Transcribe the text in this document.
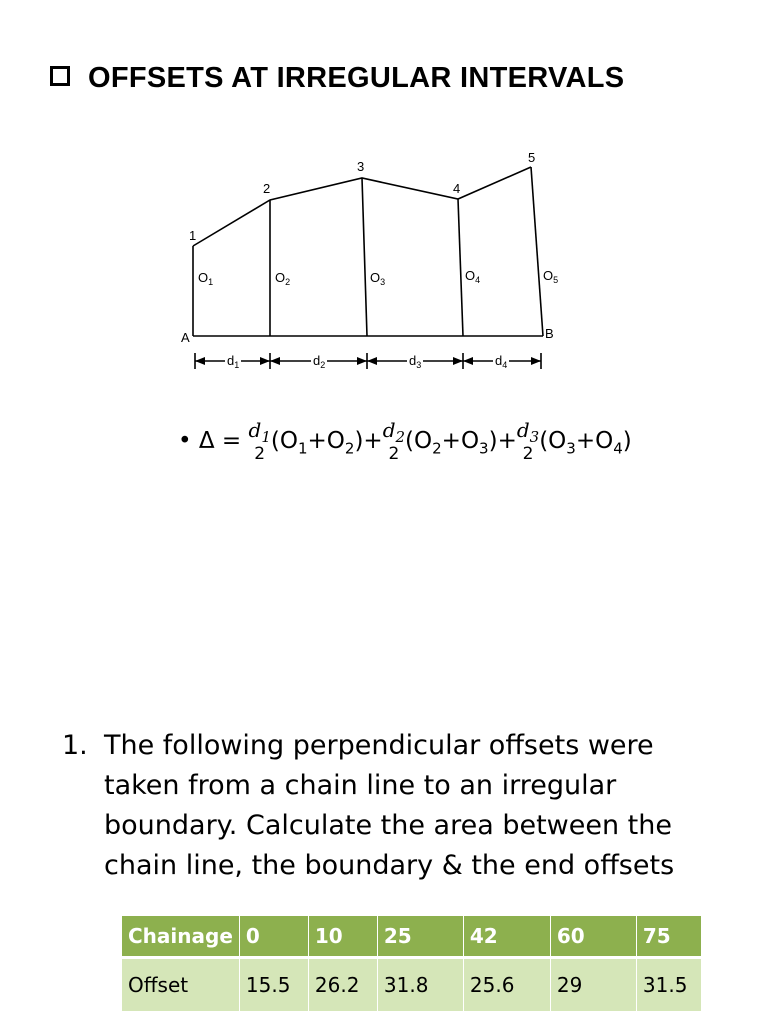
OFFSETS AT IRREGULAR INTERVALS
1
2
3
4
5
A	B
$O_1$	$O_2$	$O_3$	$O_4$	$O_5$
$d_1$	$d_2$	$d_3$	$d_4$
• $\Delta = d_1$
2 $(O_1+O_2)+ d_2$
2 $(O_2+O_3)+ d_3$
2 $(O_3+O_4)$
1. The following perpendicular offsets were taken from a chain line to an irregular boundary. Calculate the area between the chain line, the boundary & the end offsets
Chainage	0	10	25	42	60	75
Offset	15.5	26.2	31.8	25.6	29	31.5
